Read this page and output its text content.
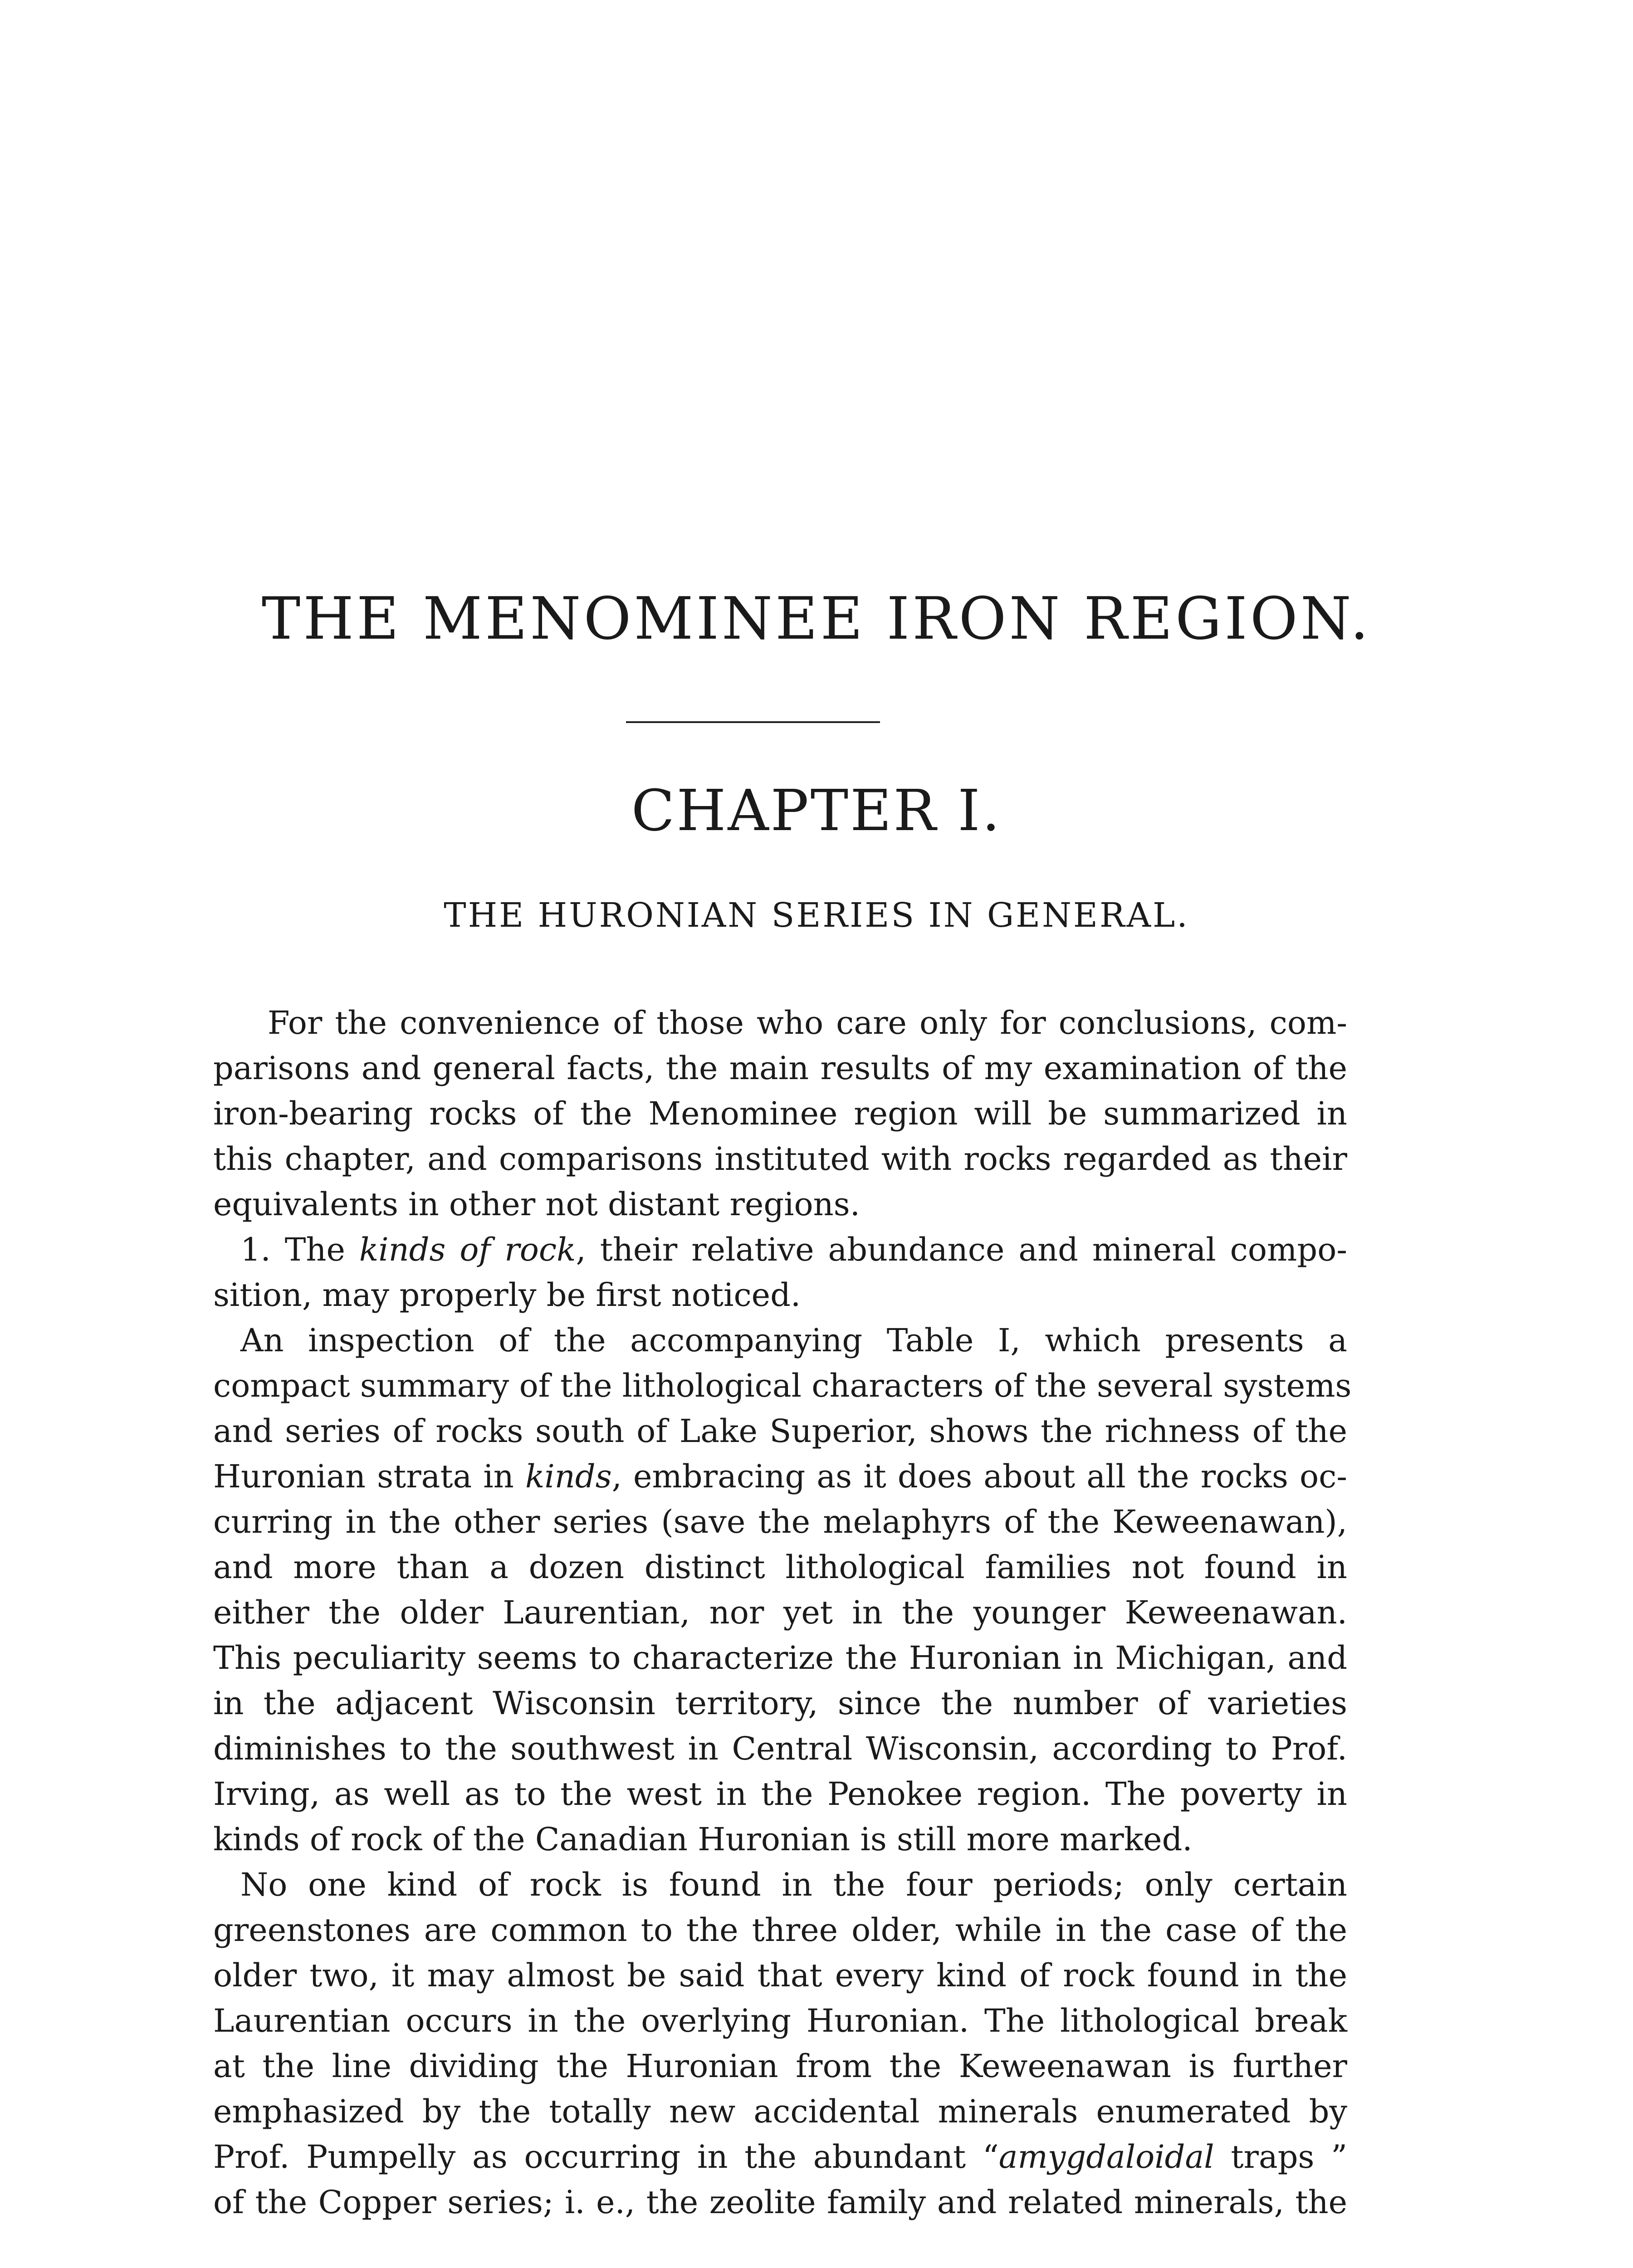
THE MENOMINEE IRON REGION.
CHAPTER I.
THE HURONIAN SERIES IN GENERAL.
For the convenience of those who care only for conclusions, com-
parisons and general facts, the main results of my examination of the
iron-bearing rocks of the Menominee region will be summarized in
this chapter, and comparisons instituted with rocks regarded as their
equivalents in other not distant regions.
1. The kinds of rock, their relative abundance and mineral compo-
sition, may properly be first noticed.
An inspection of the accompanying Table I, which presents a
compact summary of the lithological characters of the several systems
and series of rocks south of Lake Superior, shows the richness of the
Huronian strata in kinds, embracing as it does about all the rocks oc-
curring in the other series (save the melaphyrs of the Keweenawan),
and more than a dozen distinct lithological families not found in
either the older Laurentian, nor yet in the younger Keweenawan.
This peculiarity seems to characterize the Huronian in Michigan, and
in the adjacent Wisconsin territory, since the number of varieties
diminishes to the southwest in Central Wisconsin, according to Prof.
Irving, as well as to the west in the Penokee region. The poverty in
kinds of rock of the Canadian Huronian is still more marked.
No one kind of rock is found in the four periods; only certain
greenstones are common to the three older, while in the case of the
older two, it may almost be said that every kind of rock found in the
Laurentian occurs in the overlying Huronian. The lithological break
at the line dividing the Huronian from the Keweenawan is further
emphasized by the totally new accidental minerals enumerated by
Prof. Pumpelly as occurring in the abundant “amygdaloidal traps ”
of the Copper series; i. e., the zeolite family and related minerals, the
